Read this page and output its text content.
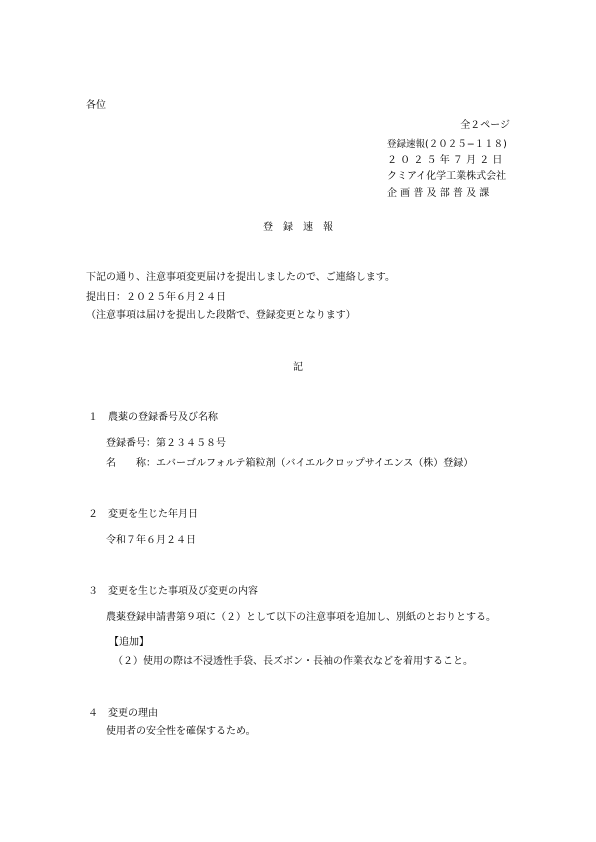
各位
全２ページ
登録速報(２０２５−１１８)
２ ０ ２ ５ 年 ７ 月 ２ 日
クミアイ化学工業株式会社
企 画 普 及 部 普 及 課
登　録　速　報
下記の通り、注意事項変更届けを提出しましたので、ご連絡します。
提出日：２０２５年６月２４日
（注意事項は届けを提出した段階で、登録変更となります）
記
１ 農薬の登録番号及び名称
登録番号：第２３４５８号
名　　称：エバーゴルフォルテ箱粒剤（バイエルクロップサイエンス（株）登録）
２ 変更を生じた年月日
令和７年６月２４日
３ 変更を生じた事項及び変更の内容
農薬登録申請書第９項に（２）として以下の注意事項を追加し、別紙のとおりとする。
【追加】
（２）使用の際は不浸透性手袋、長ズボン・長袖の作業衣などを着用すること。
４ 変更の理由
使用者の安全性を確保するため。
